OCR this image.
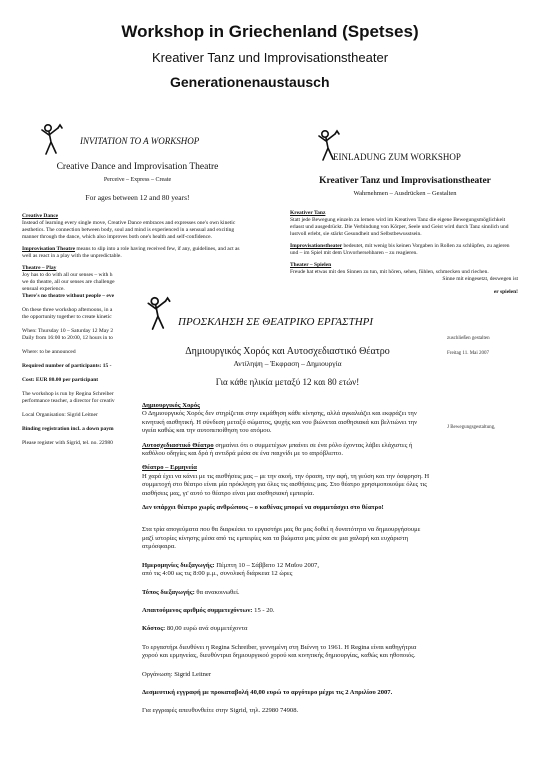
Workshop in Griechenland (Spetses)
Kreativer Tanz und Improvisationstheater
Generationenaustausch
INVITATION TO A WORKSHOP
Creative Dance and Improvisation Theatre
Perceive – Express – Create
For ages between 12 and 80 years!

Creative Dance

Instead of learning every single move, Creative Dance embraces and expresses one's own kinetic aesthetics. The connection between body, soul and mind is experienced in a sensual and exciting manner through the dance, which also improves both one's health and self-confidence.

Improvisation Theatre means to slip into a role having received few, if any, guidelines, and act as well as react in a play with the unpredictable.

Theatre – Play

Joy has to do with all our senses – with h

we do theatre, all our senses are challenge

sensual experience.

There's no theatre without people – eve

On these three workshop afternoons, in a

the opportunity together to create kinetic

When: Thursday 10 – Saturday 12 May 2

Daily from 16:00 to 20:00, 12 hours in to

Where: to be announced

Required number of participants: 15 -

Cost: EUR 80.00 per participant

The workshop is run by Regina Schreiber

performance teacher, a director for creativ

Local Organisation: Sigrid Leitner

Binding registration incl. a down paym

Please register with Sigrid, tel. no. 22980

EINLADUNG ZUM WORKSHOP
Kreativer Tanz und Improvisationstheater
Wahrnehmen – Ausdrücken – Gestalten

Kreativer Tanz

Statt jede Bewegung einzeln zu lernen wird im Kreativen Tanz die eigene Bewegungsmöglichkeit erlasst und ausgedrückt. Die Verbindung von Körper, Seele und Geist wird durch Tanz sinnlich und lustvoll erlebt, sie stärkt Gesundheit und Selbstbewusstsein.

Improvisationstheater bedeutet, mit wenig bis keinen Vorgaben in Rollen zu schlüpfen, zu agieren und – im Spiel mit dem Unvorhersehbaren – zu reagieren.

Theater – Spielen

Freude hat etwas mit den Sinnen zu tun, mit hören, sehen, fühlen, schmecken und riechen.

Sinne mit eingesetzt, deswegen ist

er spielen!

zuschließen gestalten
Freitag 11. Mai 2007
J Bewegungsgestaltung,
ΠΡΟΣΚΛΗΣΗ ΣΕ ΘΕΑΤΡΙΚΟ ΕΡΓΑΣΤΗΡΙ
Δημιουργικός Χορός και Αυτοσχεδιαστικό Θέατρο
Αντίληψη – Έκφραση – Δημιουργία
Για κάθε ηλικία μεταξύ 12 και 80 ετών!

Δημιουργικός Χορός

Ο Δημιουργικός Χορός δεν στηρίζεται στην εκμάθηση κάθε κίνησης, αλλά αγκαλιάζει και εκφράζει την κινητική αισθητική. Η σύνδεση μεταξύ σώματος, ψυχής και νου βιώνεται αισθησιακά και βελτιώνει την υγεία καθώς και την αυτοπεποίθηση του ατόμου.

Αυτοσχεδιαστικό Θέατρο σημαίνει ότι ο συμμετέχων μπαίνει σε ένα ρόλο έχοντας λάβει ελάχιστες ή καθόλου οδηγίες και δρά ή αντιδρά μέσα σε ένα παιχνίδι με το απρόβλεπτο.

Θέατρο – Ερμηνεία

Η χαρά έχει να κάνει με τις αισθήσεις μας – με την ακοή, την όραση, την αφή, τη γεύση και την όσφρηση. Η συμμετοχή στο θέατρο είναι μία πρόκληση για όλες τις αισθήσεις μας. Στο θέατρο χρησιμοποιούμε όλες τις αισθήσεις μας, γι' αυτό το θέατρο είναι μια αισθησιακή εμπειρία.

Δεν υπάρχει θέατρο χωρίς ανθρώπους – ο καθένας μπορεί να συμμετάσχει στο θέατρο!

Στα τρία απογεύματα που θα διαρκέσει το εργαστήρι μας θα μας δοθεί η δυνατότητα να δημιουργήσουμε μαζί ιστορίες κίνησης μέσα από τις εμπειρίες και τα βιώματα μας μέσα σε μια χαλαρή και ευχάριστη ατμόσφαιρα.

Ημερομηνίες διεξαγωγής: Πέμπτη 10 – Σάββατο 12 Μαΐου 2007,

από τις 4:00 ως τις 8:00 μ.μ., συνολική διάρκεια 12 ώρες

Τόπος διεξαγωγής: θα ανακοινωθεί.

Απαιτούμενος αριθμός συμμετεχόντων: 15 - 20.

Κόστος: 80,00 ευρώ ανά συμμετέχοντα

Το εργαστήρι διευθύνει η Regina Schreiber, γεννημένη στη Βιέννη το 1961. Η Regina είναι καθηγήτρια χορού και ερμηνείας, διευθύντρια δημιουργικού χορού και κινητικής δημιουργίας, καθώς και ηθοποιός.

Οργάνωση: Sigrid Leitner

Δεσμευτική εγγραφή με προκαταβολή 40,00 ευρώ το αργότερο μέχρι τις 2 Απριλίου 2007.

Για εγγραφές απευθυνθείτε στην Sigrid, τηλ. 22980 74908.
